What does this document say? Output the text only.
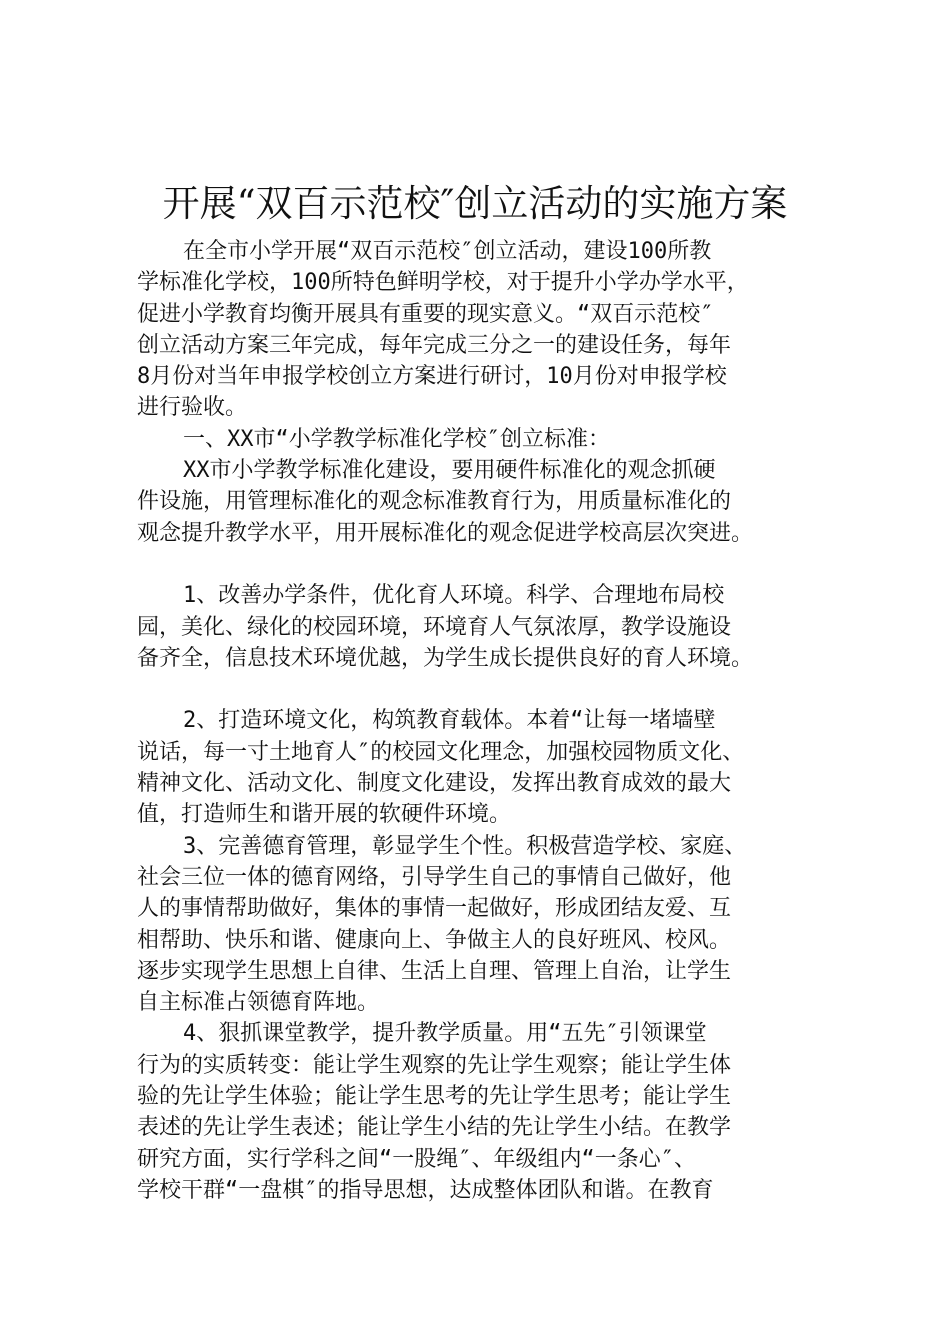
开展“双百示范校″创立活动的实施方案

在全市小学开展“双百示范校″创立活动，建设100所教
学标准化学校，100所特色鲜明学校，对于提升小学办学水平，
促进小学教育均衡开展具有重要的现实意义。“双百示范校″
创立活动方案三年完成，每年完成三分之一的建设任务，每年
8月份对当年申报学校创立方案进行研讨，10月份对申报学校
进行验收。

一、XX市“小学教学标准化学校″创立标准：

XX市小学教学标准化建设，要用硬件标准化的观念抓硬
件设施，用管理标准化的观念标准教育行为，用质量标准化的
观念提升教学水平，用开展标准化的观念促进学校高层次突进。

1、改善办学条件，优化育人环境。科学、合理地布局校
园，美化、绿化的校园环境，环境育人气氛浓厚，教学设施设
备齐全，信息技术环境优越，为学生成长提供良好的育人环境。

2、打造环境文化，构筑教育载体。本着“让每一堵墙壁
说话，每一寸土地育人″的校园文化理念，加强校园物质文化、
精神文化、活动文化、制度文化建设，发挥出教育成效的最大
值，打造师生和谐开展的软硬件环境。

3、完善德育管理，彰显学生个性。积极营造学校、家庭、
社会三位一体的德育网络，引导学生自己的事情自己做好，他
人的事情帮助做好，集体的事情一起做好，形成团结友爱、互
相帮助、快乐和谐、健康向上、争做主人的良好班风、校风。
逐步实现学生思想上自律、生活上自理、管理上自治，让学生
自主标准占领德育阵地。

4、狠抓课堂教学，提升教学质量。用“五先″引领课堂
行为的实质转变：能让学生观察的先让学生观察；能让学生体
验的先让学生体验；能让学生思考的先让学生思考；能让学生
表述的先让学生表述；能让学生小结的先让学生小结。在教学
研究方面，实行学科之间“一股绳″、年级组内“一条心″、
学校干群“一盘棋″的指导思想，达成整体团队和谐。在教育
